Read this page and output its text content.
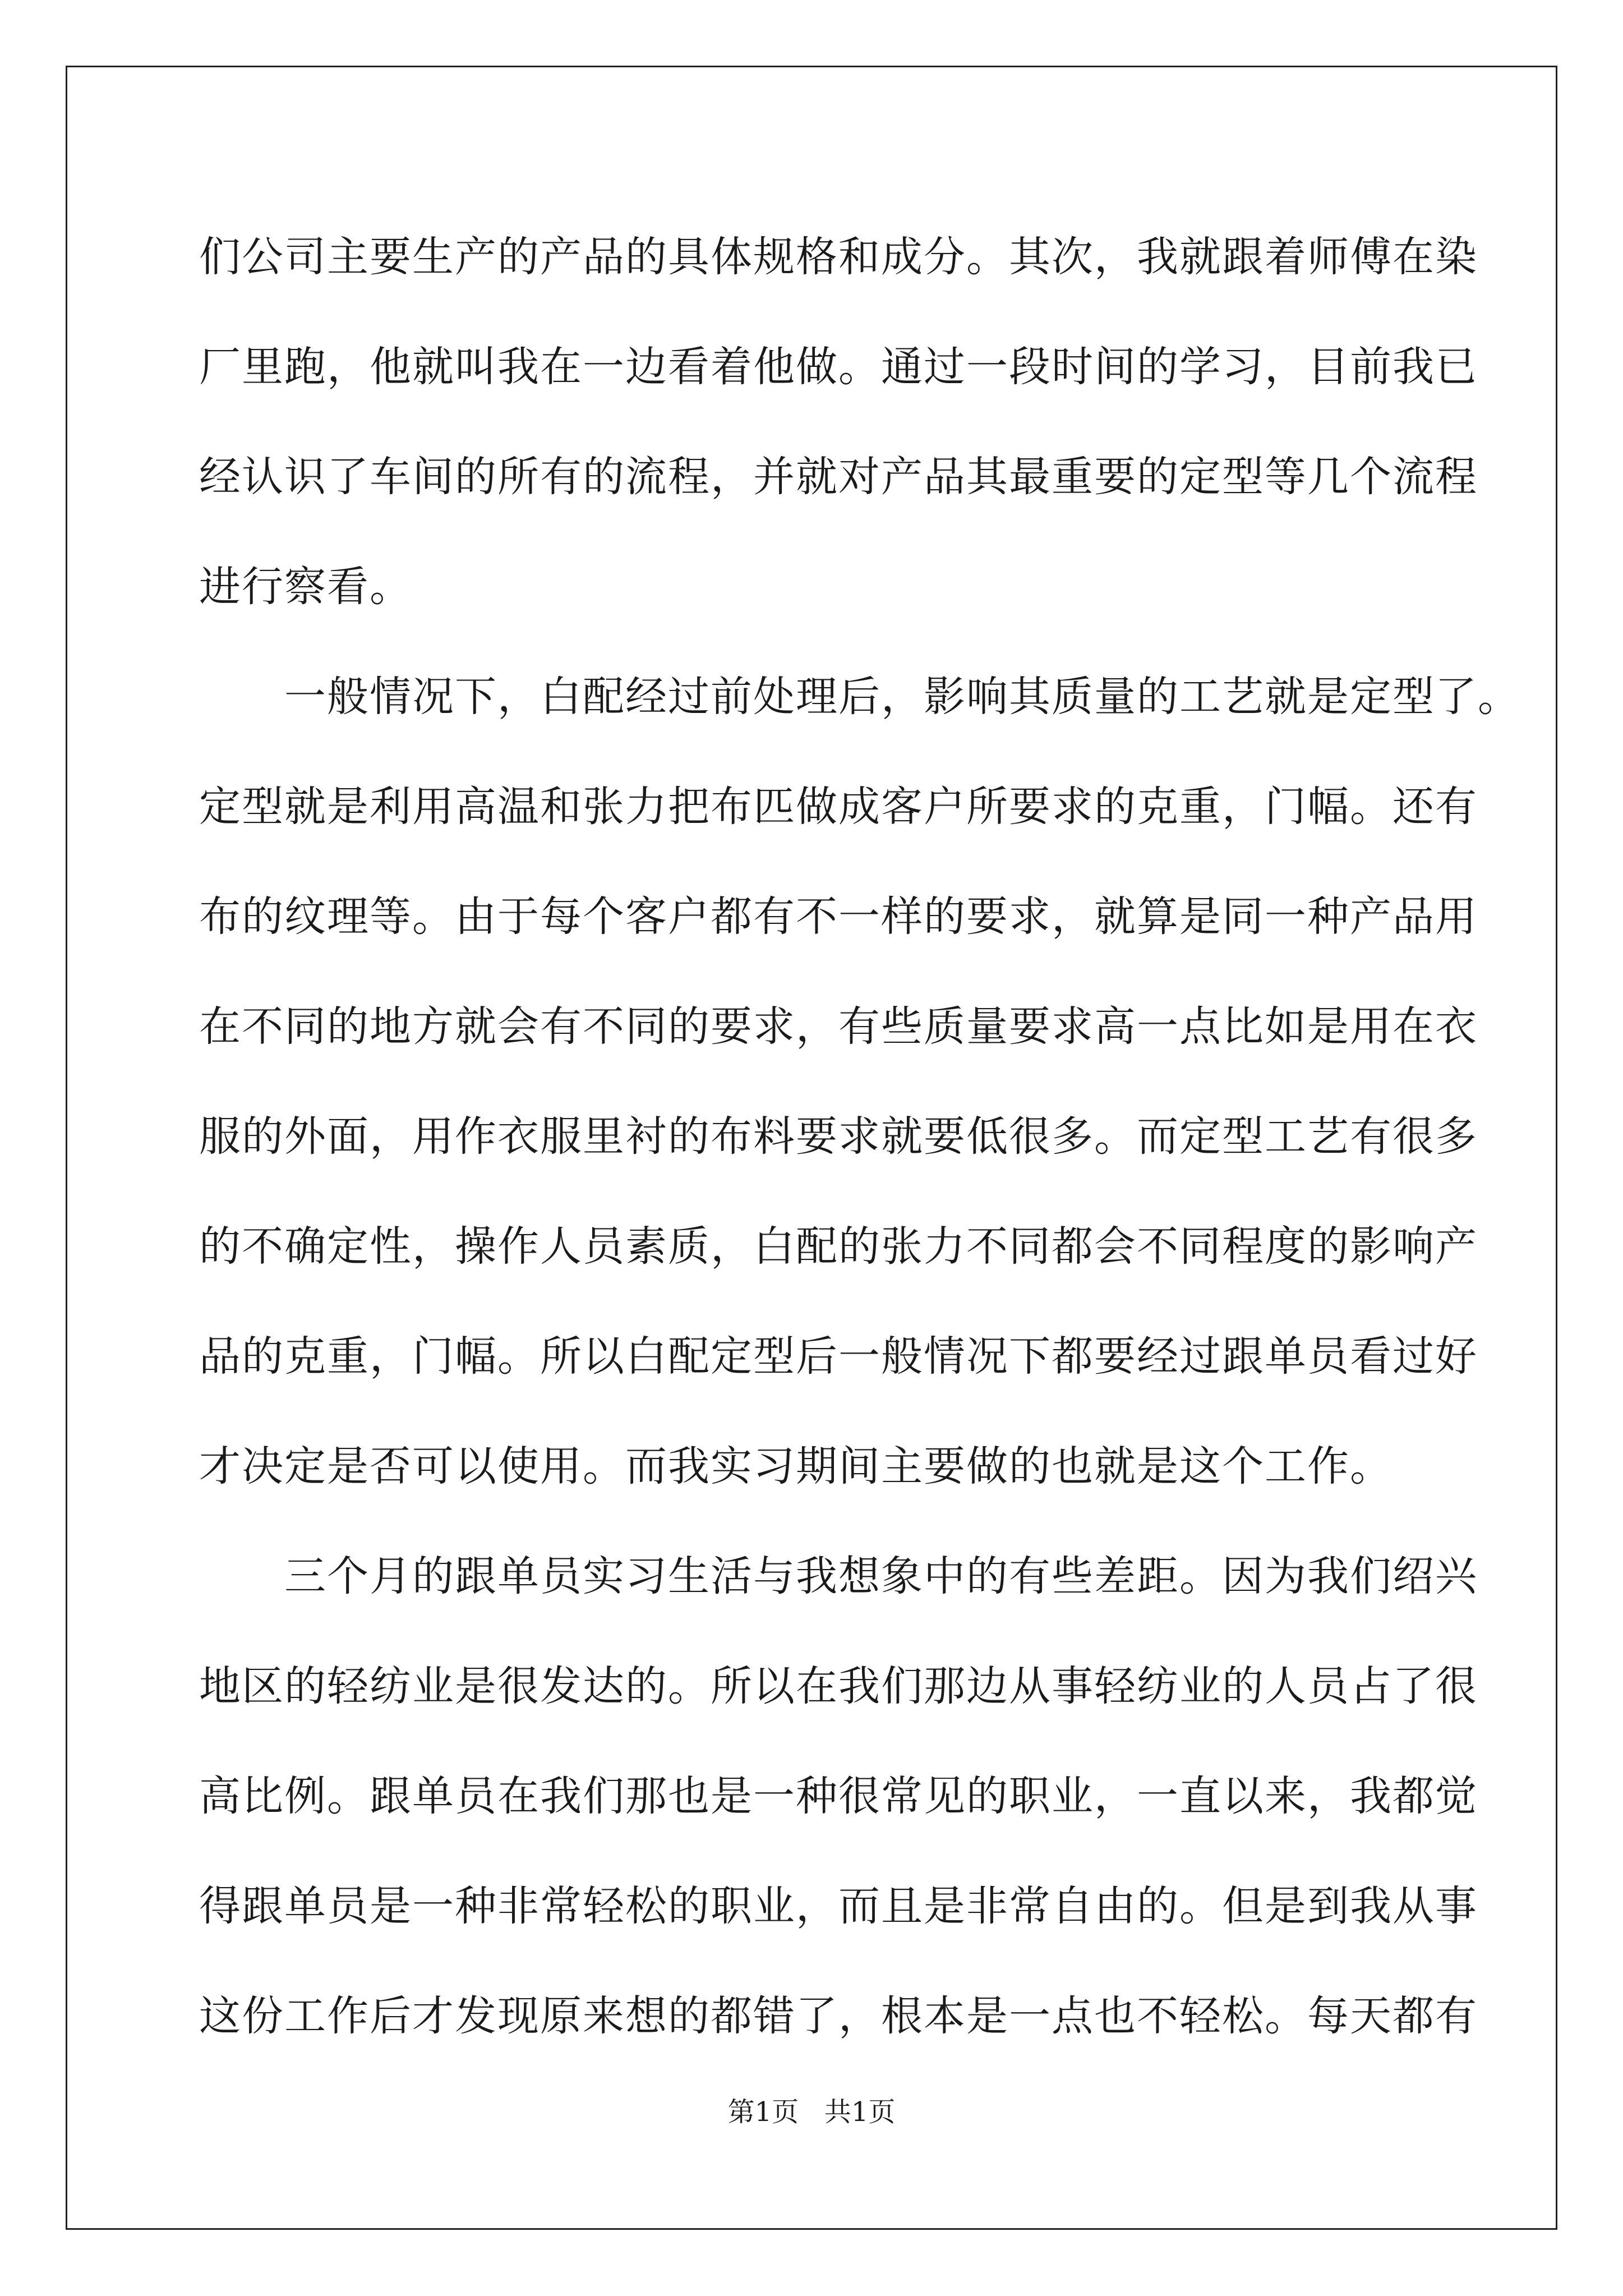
们公司主要生产的产品的具体规格和成分。其次，我就跟着师傅在染
厂里跑，他就叫我在一边看着他做。通过一段时间的学习，目前我已
经认识了车间的所有的流程，并就对产品其最重要的定型等几个流程
进行察看。
　　一般情况下，白配经过前处理后，影响其质量的工艺就是定型了。
定型就是利用高温和张力把布匹做成客户所要求的克重，门幅。还有
布的纹理等。由于每个客户都有不一样的要求，就算是同一种产品用
在不同的地方就会有不同的要求，有些质量要求高一点比如是用在衣
服的外面，用作衣服里衬的布料要求就要低很多。而定型工艺有很多
的不确定性，操作人员素质，白配的张力不同都会不同程度的影响产
品的克重，门幅。所以白配定型后一般情况下都要经过跟单员看过好
才决定是否可以使用。而我实习期间主要做的也就是这个工作。
　　三个月的跟单员实习生活与我想象中的有些差距。因为我们绍兴
地区的轻纺业是很发达的。所以在我们那边从事轻纺业的人员占了很
高比例。跟单员在我们那也是一种很常见的职业，一直以来，我都觉
得跟单员是一种非常轻松的职业，而且是非常自由的。但是到我从事
这份工作后才发现原来想的都错了，根本是一点也不轻松。每天都有
第1页   共1页
